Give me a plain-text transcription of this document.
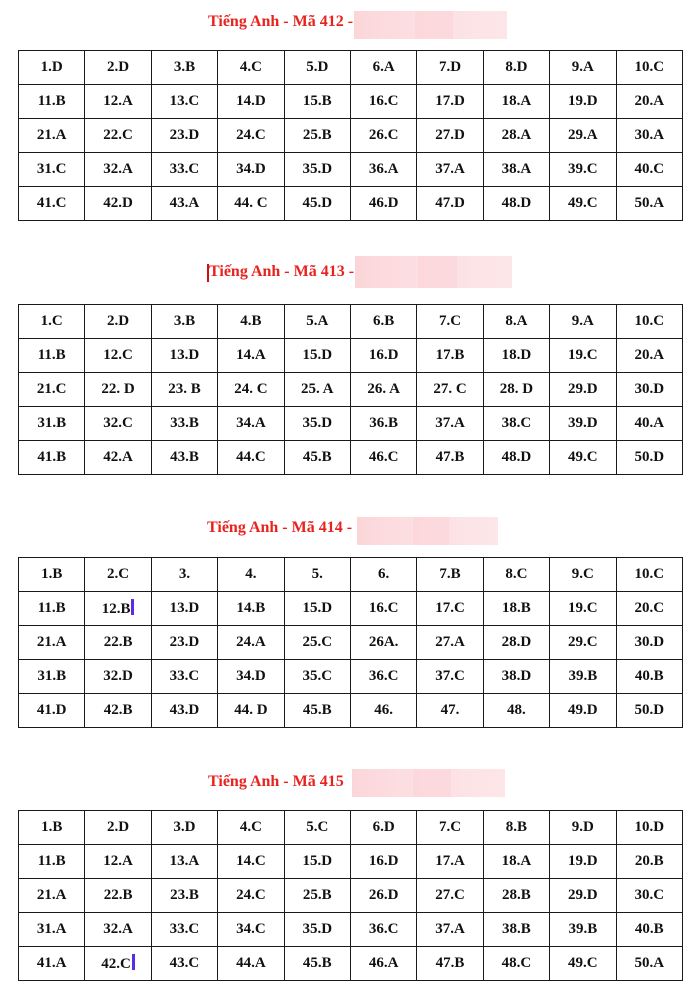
Tiếng Anh - Mã 412 -
1.D	2.D	3.B	4.C	5.D	6.A	7.D	8.D	9.A	10.C
11.B	12.A	13.C	14.D	15.B	16.C	17.D	18.A	19.D	20.A
21.A	22.C	23.D	24.C	25.B	26.C	27.D	28.A	29.A	30.A
31.C	32.A	33.C	34.D	35.D	36.A	37.A	38.A	39.C	40.C
41.C	42.D	43.A	44. C	45.D	46.D	47.D	48.D	49.C	50.A
Tiếng Anh - Mã 413 -
1.C	2.D	3.B	4.B	5.A	6.B	7.C	8.A	9.A	10.C
11.B	12.C	13.D	14.A	15.D	16.D	17.B	18.D	19.C	20.A
21.C	22. D	23. B	24. C	25. A	26. A	27. C	28. D	29.D	30.D
31.B	32.C	33.B	34.A	35.D	36.B	37.A	38.C	39.D	40.A
41.B	42.A	43.B	44.C	45.B	46.C	47.B	48.D	49.C	50.D
Tiếng Anh - Mã 414 -
1.B	2.C	3.	4.	5.	6.	7.B	8.C	9.C	10.C
11.B	12.B	13.D	14.B	15.D	16.C	17.C	18.B	19.C	20.C
21.A	22.B	23.D	24.A	25.C	26A.	27.A	28.D	29.C	30.D
31.B	32.D	33.C	34.D	35.C	36.C	37.C	38.D	39.B	40.B
41.D	42.B	43.D	44. D	45.B	46.	47.	48.	49.D	50.D
Tiếng Anh - Mã 415
1.B	2.D	3.D	4.C	5.C	6.D	7.C	8.B	9.D	10.D
11.B	12.A	13.A	14.C	15.D	16.D	17.A	18.A	19.D	20.B
21.A	22.B	23.B	24.C	25.B	26.D	27.C	28.B	29.D	30.C
31.A	32.A	33.C	34.C	35.D	36.C	37.A	38.B	39.B	40.B
41.A	42.C	43.C	44.A	45.B	46.A	47.B	48.C	49.C	50.A
